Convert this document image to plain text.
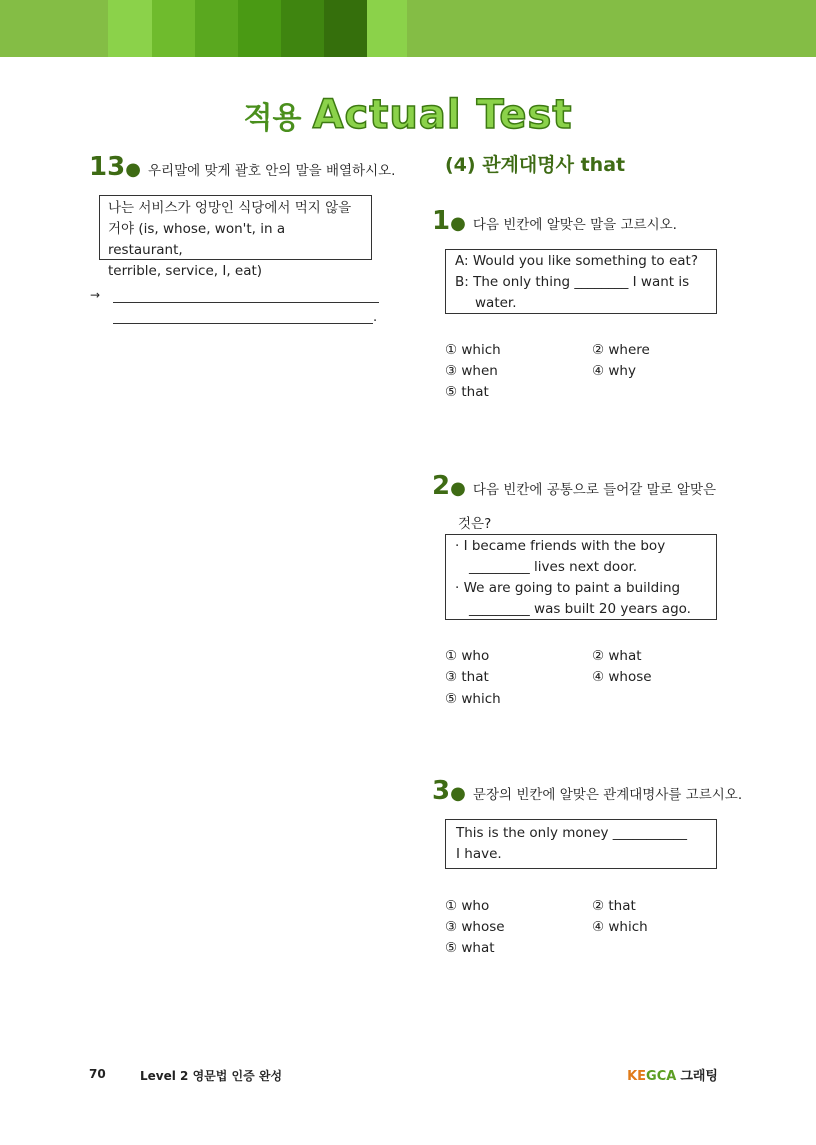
적용 Actual Test
13● 우리말에 맞게 괄호 안의 말을 배열하시오.
나는 서비스가 엉망인 식당에서 먹지 않을
거야 (is, whose, won't, in a restaurant,
terrible, service, I, eat)
→
.
(4) 관계대명사 that
1● 다음 빈칸에 알맞은 말을 고르시오.
A: Would you like something to eat?
B: The only thing ________ I want is
water.
① which	② where
③ when	④ why
⑤ that
2● 다음 빈칸에 공통으로 들어갈 말로 알맞은
것은?
· I became friends with the boy
_________ lives next door.
· We are going to paint a building
_________ was built 20 years ago.
① who	② what
③ that	④ whose
⑤ which
3● 문장의 빈칸에 알맞은 관계대명사를 고르시오.
This is the only money ___________
I have.
① who	② that
③ whose	④ which
⑤ what
70	Level 2 영문법 인증 완성	KEGCA 그래팅
